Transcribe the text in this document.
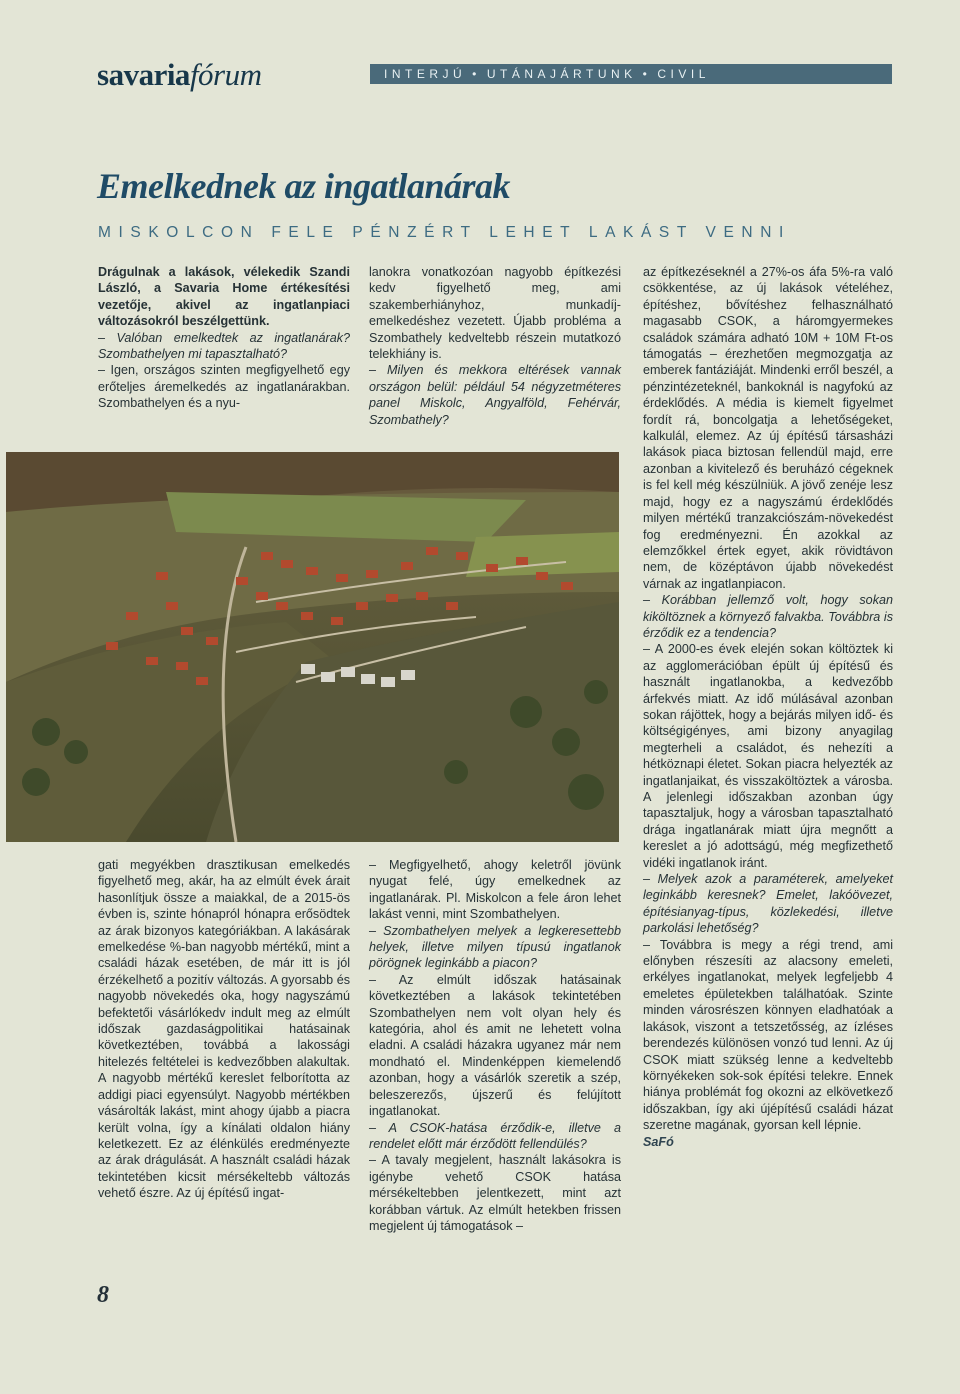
savariafórum	INTERJÚ • UTÁNAJÁRTUNK • CIVIL
Emelkednek az ingatlanárak
MISKOLCON FELE PÉNZÉRT LEHET LAKÁST VENNI

Drágulnak a lakások, vélekedik Szandi László, a Savaria Home értékesítési vezetője, akivel az ingatlanpiaci változásokról beszélgettünk.

– Valóban emelkedtek az ingatlanárak? Szombathelyen mi tapasztalható?

– Igen, országos szinten megfigyelhető egy erőteljes áremelkedés az ingatlanárakban. Szombathelyen és a nyu-

lanokra vonatkozóan nagyobb építkezési kedv figyelhető meg, ami szakemberhiányhoz, munkadíj-emelkedéshez vezetett. Újabb probléma a Szombathely kedveltebb részein mutatkozó telekhiány is.

– Milyen és mekkora eltérések vannak országon belül: például 54 négyzetméteres panel Miskolc, Angyalföld, Fehérvár, Szombathely?

gati megyékben drasztikusan emelkedés figyelhető meg, akár, ha az elmúlt évek árait hasonlítjuk össze a maiakkal, de a 2015-ös évben is, szinte hónapról hónapra erősödtek az árak bizonyos kategóriákban. A lakásárak emelkedése %-ban nagyobb mértékű, mint a családi házak esetében, de már itt is jól érzékelhető a pozitív változás. A gyorsabb és nagyobb növekedés oka, hogy nagyszámú befektetői vásárlókedv indult meg az elmúlt időszak gazdaságpolitikai hatásainak következtében, továbbá a lakossági hitelezés feltételei is kedvezőbben alakultak. A nagyobb mértékű kereslet felborította az addigi piaci egyensúlyt. Nagyobb mértékben vásárolták lakást, mint ahogy újabb a piacra került volna, így a kínálati oldalon hiány keletkezett. Ez az élénkülés eredményezte az árak drágulását. A használt családi házak tekintetében kicsit mérsékeltebb változás vehető észre. Az új építésű ingat-

– Megfigyelhető, ahogy keletről jövünk nyugat felé, úgy emelkednek az ingatlanárak. Pl. Miskolcon a fele áron lehet lakást venni, mint Szombathelyen.

– Szombathelyen melyek a legkeresettebb helyek, illetve milyen típusú ingatlanok pörögnek leginkább a piacon?

– Az elmúlt időszak hatásainak következtében a lakások tekintetében Szombathelyen nem volt olyan hely és kategória, ahol és amit ne lehetett volna eladni. A családi házakra ugyanez már nem mondható el. Mindenképpen kiemelendő azonban, hogy a vásárlók szeretik a szép, beleszerezős, újszerű és felújított ingatlanokat.

– A CSOK-hatása érződik-e, illetve a rendelet előtt már érződött fellendülés?

– A tavaly megjelent, használt lakásokra is igénybe vehető CSOK hatása mérsékeltebben jelentkezett, mint azt korábban vártuk. Az elmúlt hetekben frissen megjelent új támogatások –

az építkezéseknél a 27%-os áfa 5%-ra való csökkentése, az új lakások vételéhez, építéshez, bővítéshez felhasználható magasabb CSOK, a háromgyermekes családok számára adható 10M + 10M Ft-os támogatás – érezhetően megmozgatja az emberek fantáziáját. Mindenki erről beszél, a pénzintézeteknél, bankoknál is nagyfokú az érdeklődés. A média is kiemelt figyelmet fordít rá, boncolgatja a lehetőségeket, kalkulál, elemez. Az új építésű társasházi lakások piaca biztosan fellendül majd, erre azonban a kivitelező és beruházó cégeknek is fel kell még készülniük. A jövő zenéje lesz majd, hogy ez a nagyszámú érdeklődés milyen mértékű tranzakciószám-növekedést fog eredményezni. Én azokkal az elemzőkkel értek egyet, akik rövidtávon nem, de középtávon újabb növekedést várnak az ingatlanpiacon.

– Korábban jellemző volt, hogy sokan kiköltöznek a környező falvakba. Továbbra is érződik ez a tendencia?

– A 2000-es évek elején sokan költöztek ki az agglomerációban épült új építésű és használt ingatlanokba, a kedvezőbb árfekvés miatt. Az idő múlásával azonban sokan rájöttek, hogy a bejárás milyen idő- és költségigényes, ami bizony anyagilag megterheli a családot, és nehezíti a hétköznapi életet. Sokan piacra helyezték az ingatlanjaikat, és visszaköltöztek a városba. A jelenlegi időszakban azonban úgy tapasztaljuk, hogy a városban tapasztalható drága ingatlanárak miatt újra megnőtt a kereslet a jó adottságú, még megfizethető vidéki ingatlanok iránt.

– Melyek azok a paraméterek, amelyeket leginkább keresnek? Emelet, lakóövezet, építésianyag-típus, közlekedési, illetve parkolási lehetőség?

– Továbbra is megy a régi trend, ami előnyben részesíti az alacsony emeleti, erkélyes ingatlanokat, melyek legfeljebb 4 emeletes épületekben találhatóak. Szinte minden városrészen könnyen eladhatóak a lakások, viszont a tetszetősség, az ízléses berendezés különösen vonzó tud lenni. Az új CSOK miatt szükség lenne a kedveltebb környékeken sok-sok építési telekre. Ennek hiánya problémát fog okozni az elkövetkező időszakban, így aki újépítésű családi házat szeretne magának, gyorsan kell lépnie.

SaFó

8
